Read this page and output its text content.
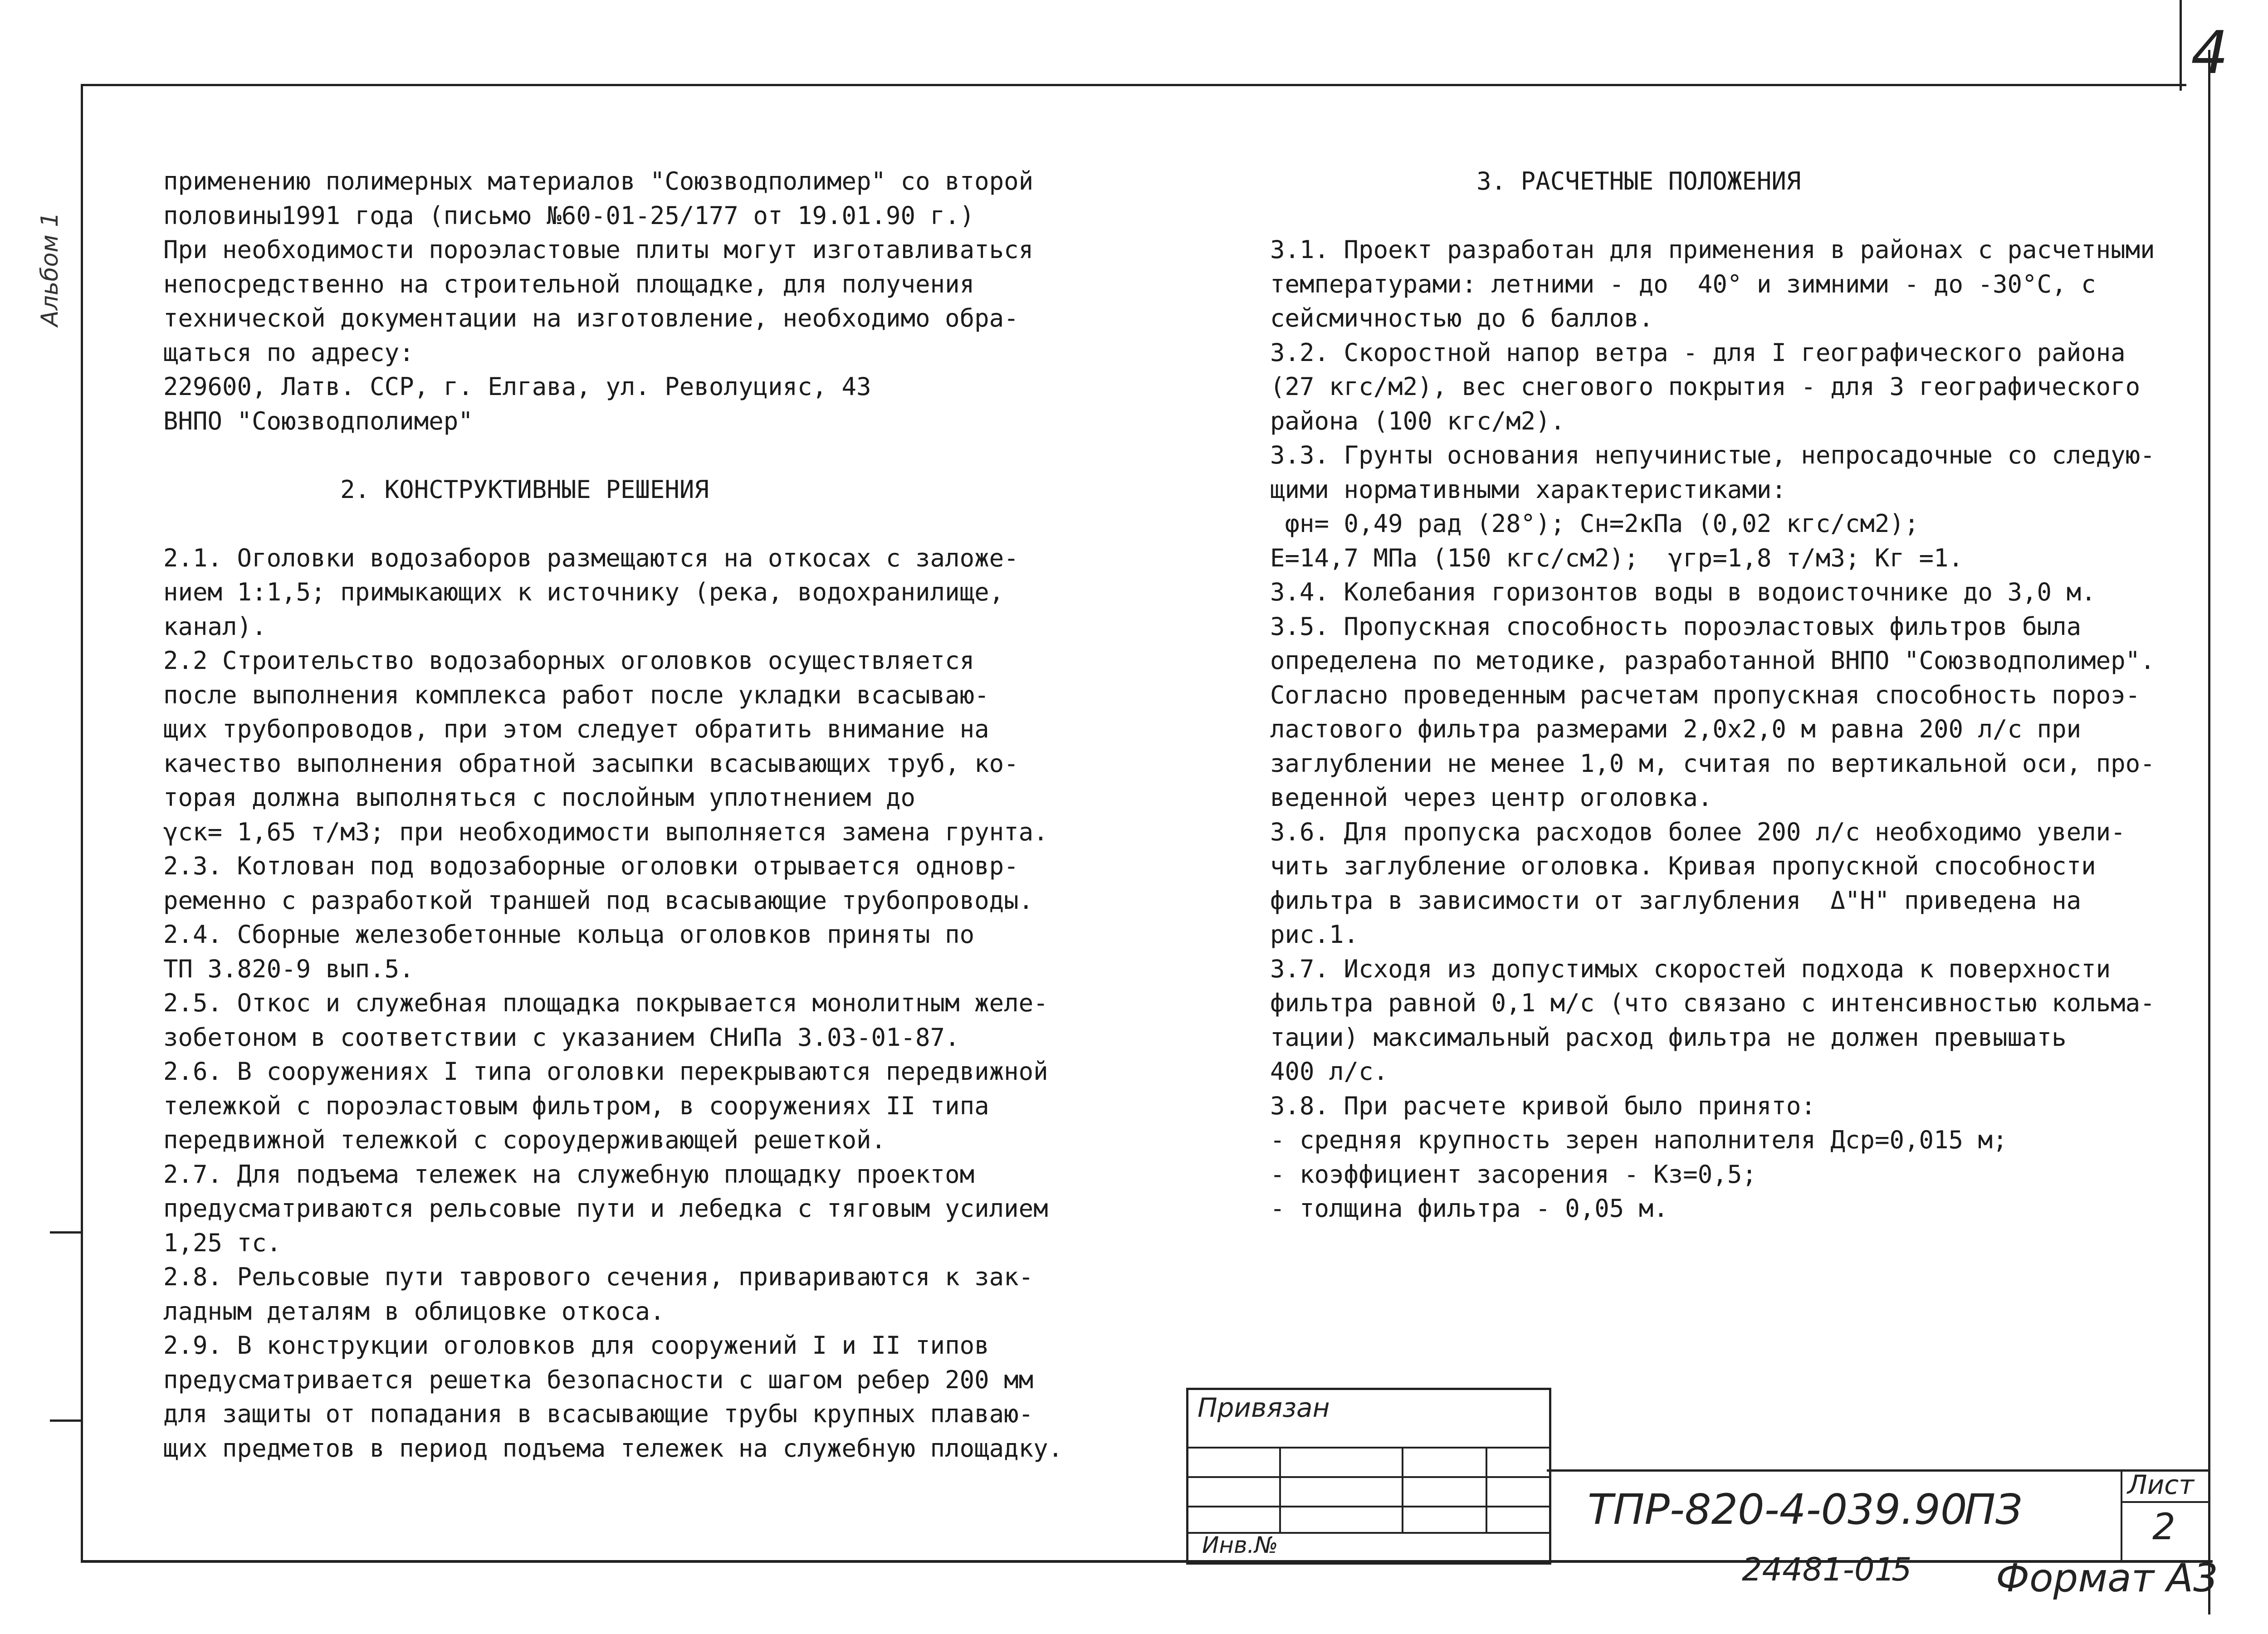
4
Альбом 1
применению полимерных материалов "Союзводполимер" со второй
половины1991 года (письмо №60-01-25/177 от 19.01.90 г.)
При необходимости пороэластовые плиты могут изготавливаться
непосредственно на строительной площадке, для получения
технической документации на изготовление, необходимо обра-
щаться по адресу:
229600, Латв. ССР, г. Елгава, ул. Револуцияс, 43
ВНПО "Союзводполимер"
2. КОНСТРУКТИВНЫЕ РЕШЕНИЯ
2.1. Оголовки водозаборов размещаются на откосах с заложе-
нием 1:1,5; примыкающих к источнику (река, водохранилище,
канал).
2.2 Строительство водозаборных оголовков осуществляется
после выполнения комплекса работ после укладки всасываю-
щих трубопроводов, при этом следует обратить внимание на
качество выполнения обратной засыпки всасывающих труб, ко-
торая должна выполняться с послойным уплотнением до
γск= 1,65 т/м3; при необходимости выполняется замена грунта.
2.3. Котлован под водозаборные оголовки отрывается одновр-
ременно с разработкой траншей под всасывающие трубопроводы.
2.4. Сборные железобетонные кольца оголовков приняты по
ТП 3.820-9 вып.5.
2.5. Откос и служебная площадка покрывается монолитным желе-
зобетоном в соответствии с указанием СНиПа 3.03-01-87.
2.6. В сооружениях I типа оголовки перекрываются передвижной
тележкой с пороэластовым фильтром, в сооружениях II типа
передвижной тележкой с сороудерживающей решеткой.
2.7. Для подъема тележек на служебную площадку проектом
предусматриваются рельсовые пути и лебедка с тяговым усилием
1,25 тс.
2.8. Рельсовые пути таврового сечения, привариваются к зак-
ладным деталям в облицовке откоса.
2.9. В конструкции оголовков для сооружений I и II типов
предусматривается решетка безопасности с шагом ребер 200 мм
для защиты от попадания в всасывающие трубы крупных плаваю-
щих предметов в период подъема тележек на служебную площадку.
3. РАСЧЕТНЫЕ ПОЛОЖЕНИЯ
3.1. Проект разработан для применения в районах с расчетными
температурами: летними - до  40° и зимними - до -30°С, с
сейсмичностью до 6 баллов.
3.2. Скоростной напор ветра - для I географического района
(27 кгс/м2), вес снегового покрытия - для 3 географического
района (100 кгс/м2).
3.3. Грунты основания непучинистые, непросадочные со следую-
щими нормативными характеристиками:
φн= 0,49 рад (28°); Сн=2кПа (0,02 кгс/см2);
Е=14,7 МПа (150 кгс/см2);  γгр=1,8 т/м3; Кг =1.
3.4. Колебания горизонтов воды в водоисточнике до 3,0 м.
3.5. Пропускная способность пороэластовых фильтров была
определена по методике, разработанной ВНПО "Союзводполимер".
Согласно проведенным расчетам пропускная способность пороэ-
ластового фильтра размерами 2,0х2,0 м равна 200 л/с при
заглублении не менее 1,0 м, считая по вертикальной оси, про-
веденной через центр оголовка.
3.6. Для пропуска расходов более 200 л/с необходимо увели-
чить заглубление оголовка. Кривая пропускной способности
фильтра в зависимости от заглубления  Δ"Н" приведена на
рис.1.
3.7. Исходя из допустимых скоростей подхода к поверхности
фильтра равной 0,1 м/с (что связано с интенсивностью кольма-
тации) максимальный расход фильтра не должен превышать
400 л/с.
3.8. При расчете кривой было принято:
- средняя крупность зерен наполнителя Дср=0,015 м;
- коэффициент засорения - Кз=0,5;
- толщина фильтра - 0,05 м.
Привязан
Инв.№
ТПР-820-4-039.90
ПЗ
Лист
2
24481-01
5 Формат А3
